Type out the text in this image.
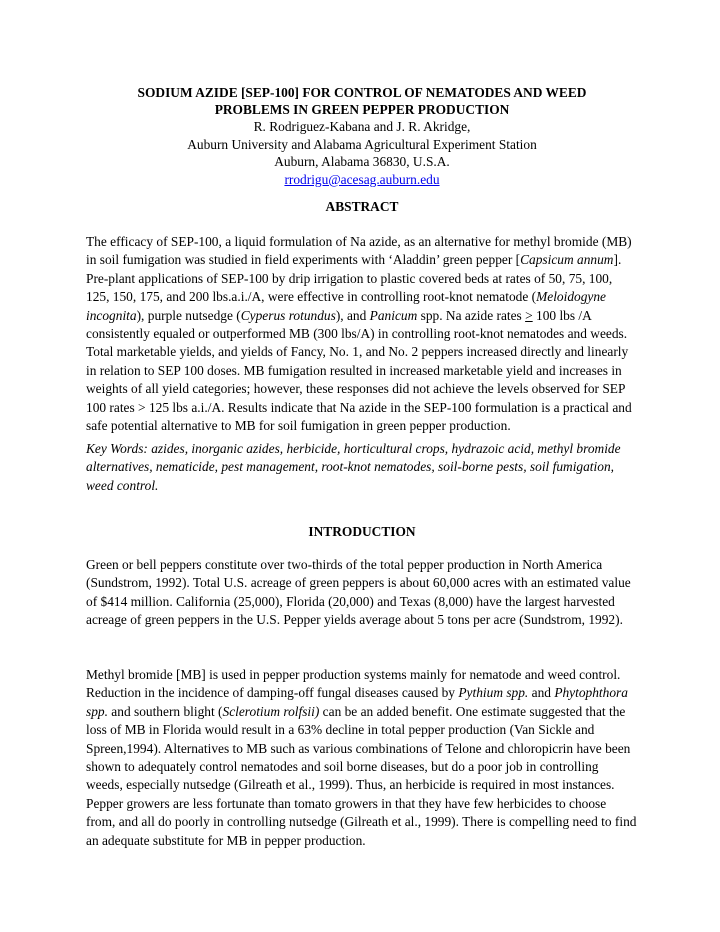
SODIUM AZIDE [SEP-100] FOR CONTROL OF NEMATODES AND WEED
PROBLEMS IN GREEN PEPPER PRODUCTION
R. Rodriguez-Kabana and J. R. Akridge,
Auburn University and Alabama Agricultural Experiment Station
Auburn, Alabama 36830, U.S.A.
rrodrigu@acesag.auburn.edu
ABSTRACT

The efficacy of SEP-100, a liquid formulation of Na azide, as an alternative for methyl bromide (MB) in soil fumigation was studied in field experiments with ‘Aladdin’ green pepper [Capsicum annum]. Pre-plant applications of SEP-100 by drip irrigation to plastic covered beds at rates of 50, 75, 100, 125, 150, 175, and 200 lbs.a.i./A, were effective in controlling root-knot nematode (Meloidogyne incognita), purple nutsedge (Cyperus rotundus), and Panicum spp. Na azide rates > 100 lbs /A consistently equaled or outperformed MB (300 lbs/A) in controlling root-knot nematodes and weeds. Total marketable yields, and yields of Fancy, No. 1, and No. 2 peppers increased directly and linearly in relation to SEP 100 doses. MB fumigation resulted in increased marketable yield and increases in weights of all yield categories; however, these responses did not achieve the levels observed for SEP 100 rates > 125 lbs a.i./A. Results indicate that Na azide in the SEP-100 formulation is a practical and safe potential alternative to MB for soil fumigation in green pepper production.

Key Words: azides, inorganic azides, herbicide, horticultural crops, hydrazoic acid, methyl bromide alternatives, nematicide, pest management, root-knot nematodes, soil-borne pests, soil fumigation, weed control.

INTRODUCTION

Green or bell peppers constitute over two-thirds of the total pepper production in North America (Sundstrom, 1992). Total U.S. acreage of green peppers is about 60,000 acres with an estimated value of $414 million. California (25,000), Florida (20,000) and Texas (8,000) have the largest harvested acreage of green peppers in the U.S. Pepper yields average about 5 tons per acre (Sundstrom, 1992).

Methyl bromide [MB] is used in pepper production systems mainly for nematode and weed control. Reduction in the incidence of damping-off fungal diseases caused by Pythium spp. and Phytophthora spp. and southern blight (Sclerotium rolfsii) can be an added benefit. One estimate suggested that the loss of MB in Florida would result in a 63% decline in total pepper production (Van Sickle and Spreen,1994). Alternatives to MB such as various combinations of Telone and chloropicrin have been shown to adequately control nematodes and soil borne diseases, but do a poor job in controlling weeds, especially nutsedge (Gilreath et al., 1999). Thus, an herbicide is required in most instances. Pepper growers are less fortunate than tomato growers in that they have few herbicides to choose from, and all do poorly in controlling nutsedge (Gilreath et al., 1999). There is compelling need to find an adequate substitute for MB in pepper production.
